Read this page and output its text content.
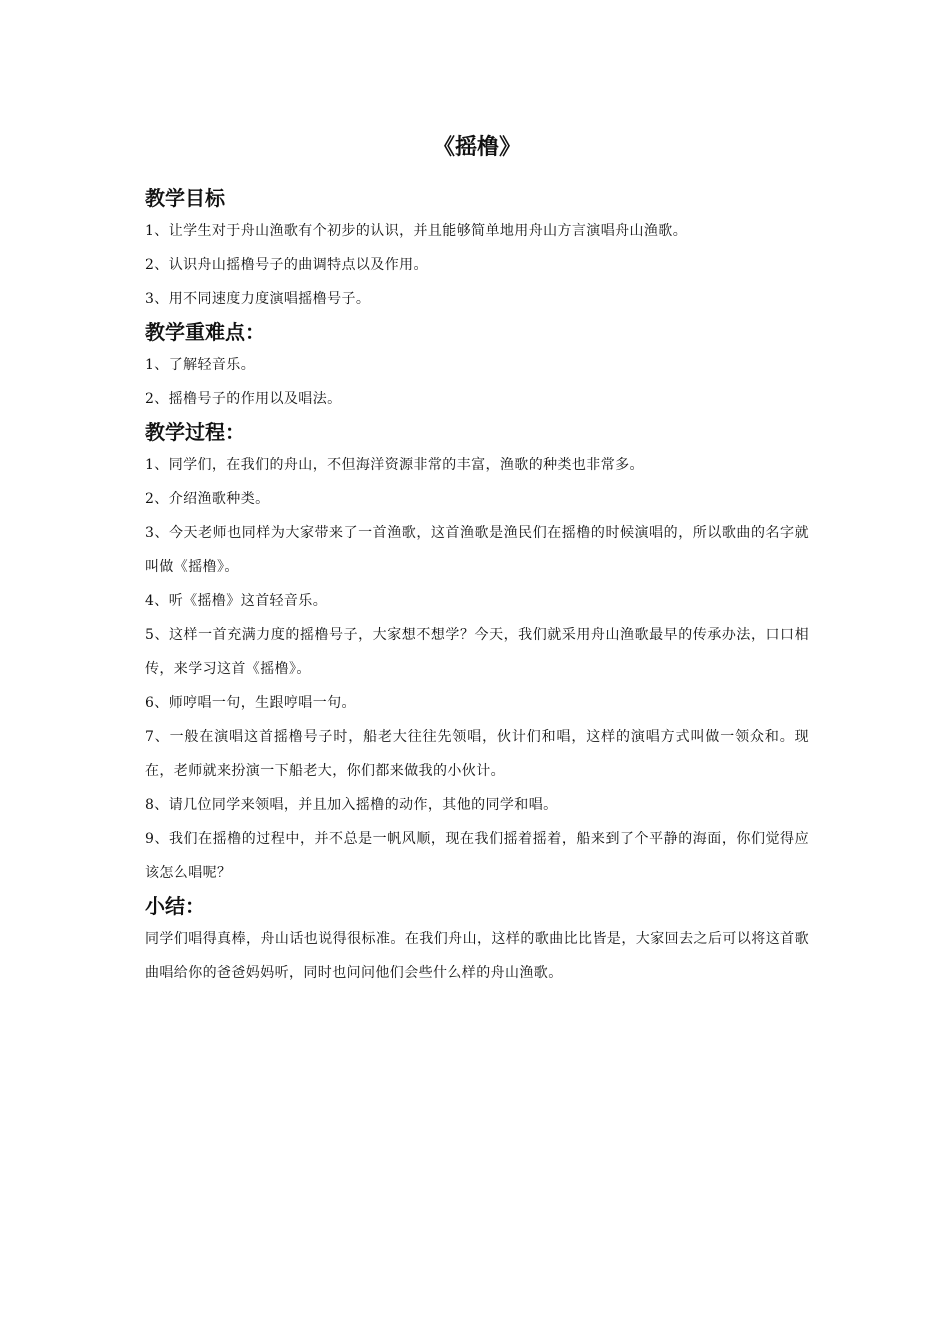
《摇橹》
教学目标

1、让学生对于舟山渔歌有个初步的认识，并且能够简单地用舟山方言演唱舟山渔歌。

2、认识舟山摇橹号子的曲调特点以及作用。

3、用不同速度力度演唱摇橹号子。

教学重难点：

1、了解轻音乐。

2、摇橹号子的作用以及唱法。

教学过程：

1、同学们，在我们的舟山，不但海洋资源非常的丰富，渔歌的种类也非常多。

2、介绍渔歌种类。

3、今天老师也同样为大家带来了一首渔歌，这首渔歌是渔民们在摇橹的时候演唱的，所以歌曲的名字就叫做《摇橹》。

4、听《摇橹》这首轻音乐。

5、这样一首充满力度的摇橹号子，大家想不想学？今天，我们就采用舟山渔歌最早的传承办法，口口相传，来学习这首《摇橹》。

6、师哼唱一句，生跟哼唱一句。

7、一般在演唱这首摇橹号子时，船老大往往先领唱，伙计们和唱，这样的演唱方式叫做一领众和。现在，老师就来扮演一下船老大，你们都来做我的小伙计。

8、请几位同学来领唱，并且加入摇橹的动作，其他的同学和唱。

9、我们在摇橹的过程中，并不总是一帆风顺，现在我们摇着摇着，船来到了个平静的海面，你们觉得应该怎么唱呢？

小结：

同学们唱得真棒，舟山话也说得很标准。在我们舟山，这样的歌曲比比皆是，大家回去之后可以将这首歌曲唱给你的爸爸妈妈听，同时也问问他们会些什么样的舟山渔歌。
